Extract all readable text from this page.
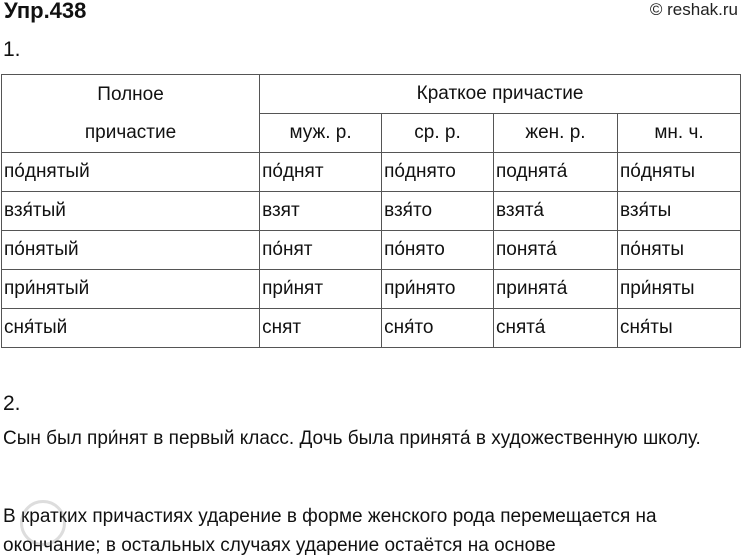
Упр.438	© reshak.ru
1.
Полное
причастие	Краткое причастие			
	муж. р.	ср. р.	жен. р.	мн. ч.
по́днятый	по́днят	по́днято	поднята́	по́дняты
взя́тый	взят	взя́то	взята́	взя́ты
по́нятый	по́нят	по́нято	понята́	по́няты
при́нятый	при́нят	при́нято	принята́	при́няты
сня́тый	снят	сня́то	снята́	сня́ты
2.
Сын был при́нят в первый класс. Дочь была принята́ в художественную школу.
В кратких причастиях ударение в форме женского рода перемещается на окончание; в остальных случаях ударение остаётся на основе
